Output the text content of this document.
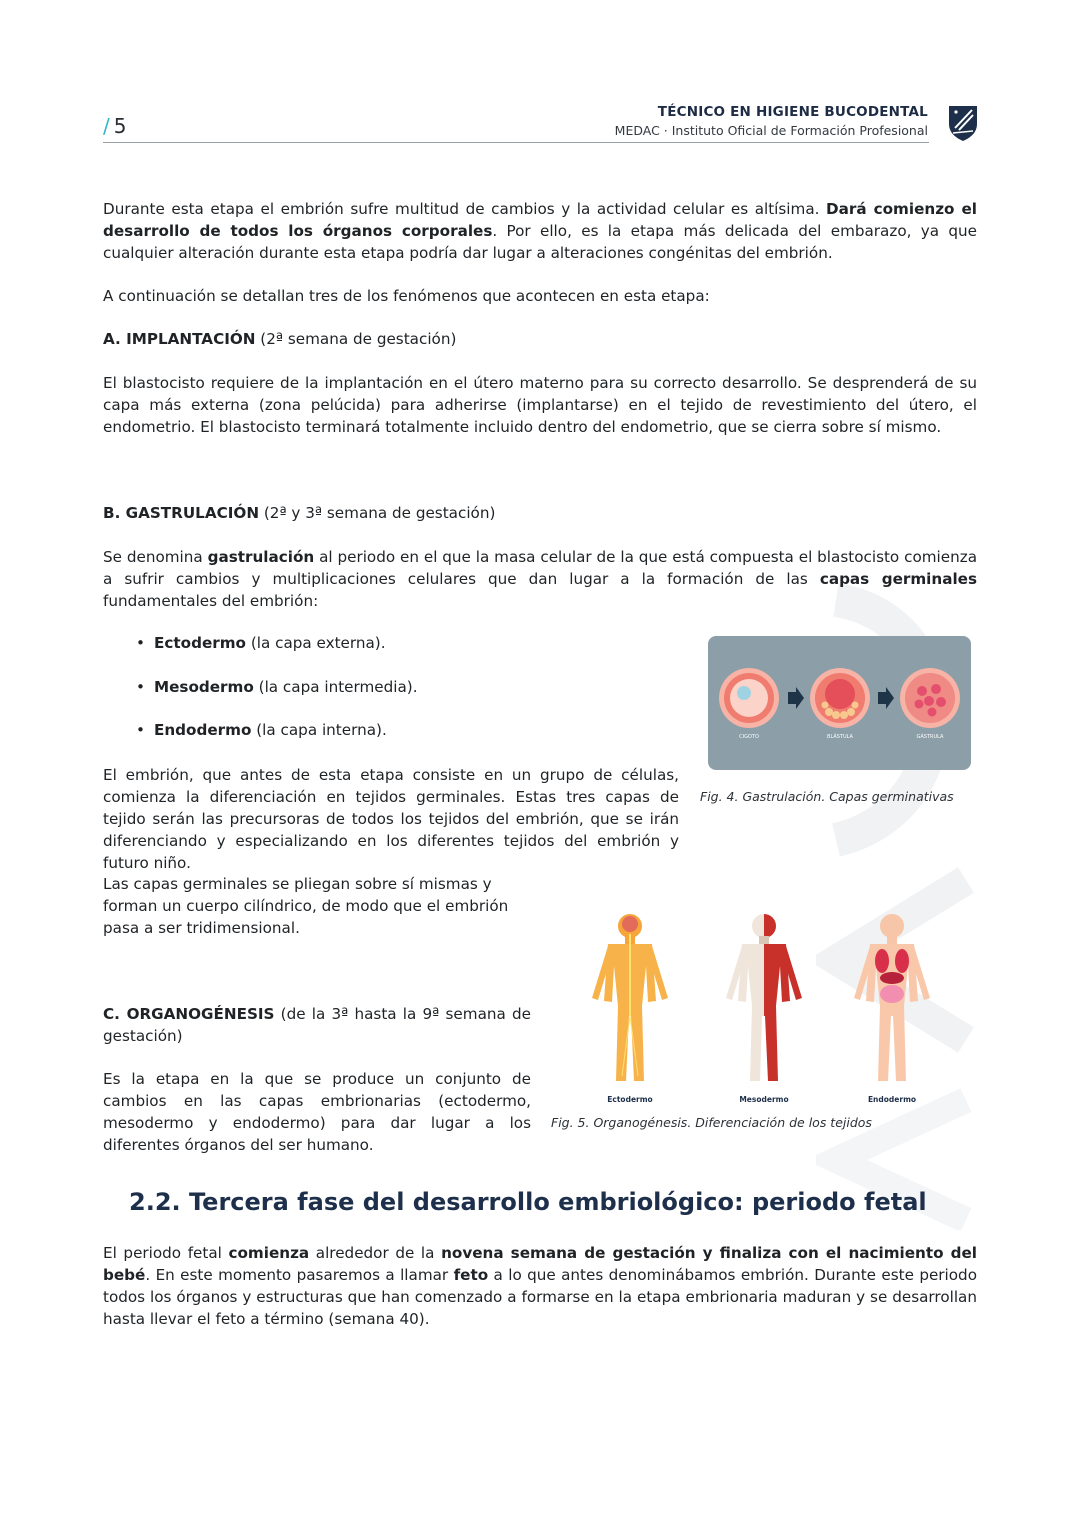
/ 5
TÉCNICO EN HIGIENE BUCODENTAL
MEDAC · Instituto Oficial de Formación Profesional

Durante esta etapa el embrión sufre multitud de cambios y la actividad celular es altísima. Dará comienzo el desarrollo de todos los órganos corporales. Por ello, es la etapa más delicada del embarazo, ya que cualquier alteración durante esta etapa podría dar lugar a alteraciones congénitas del embrión.

A continuación se detallan tres de los fenómenos que acontecen en esta etapa:

A. IMPLANTACIÓN (2ª semana de gestación)

El blastocisto requiere de la implantación en el útero materno para su correcto desarrollo. Se desprenderá de su capa más externa (zona pelúcida) para adherirse (implantarse) en el tejido de revestimiento del útero, el endometrio. El blastocisto terminará totalmente incluido dentro del endometrio, que se cierra sobre sí mismo.

B. GASTRULACIÓN (2ª y 3ª semana de gestación)

Se denomina gastrulación al periodo en el que la masa celular de la que está compuesta el blastocisto comienza a sufrir cambios y multiplicaciones celulares que dan lugar a la formación de las capas germinales fundamentales del embrión:

• Ectodermo (la capa externa).
• Mesodermo (la capa intermedia).
• Endodermo (la capa interna).	CIGOTO	BLÁSTULA	GÁSTRULA
Fig. 4. Gastrulación. Capas germinativas

El embrión, que antes de esta etapa consiste en un grupo de células, comienza la diferenciación en tejidos germinales. Estas tres capas de tejido serán las precursoras de todos los tejidos del embrión, que se irán diferenciando y especializando en los diferentes tejidos del embrión y futuro niño.

Las capas germinales se pliegan sobre sí mismas y forman un cuerpo cilíndrico, de modo que el embrión pasa a ser tridimensional.

C. ORGANOGÉNESIS (de la 3ª hasta la 9ª semana de gestación)

Es la etapa en la que se produce un conjunto de cambios en las capas embrionarias (ectodermo, mesodermo y endodermo) para dar lugar a los diferentes órganos del ser humano.

Ectodermo	Mesodermo	Endodermo
Fig. 5. Organogénesis. Diferenciación de los tejidos
2.2. Tercera fase del desarrollo embriológico: periodo fetal

El periodo fetal comienza alrededor de la novena semana de gestación y finaliza con el nacimiento del bebé. En este momento pasaremos a llamar feto a lo que antes denominábamos embrión. Durante este periodo todos los órganos y estructuras que han comenzado a formarse en la etapa embrionaria maduran y se desarrollan hasta llevar el feto a término (semana 40).
